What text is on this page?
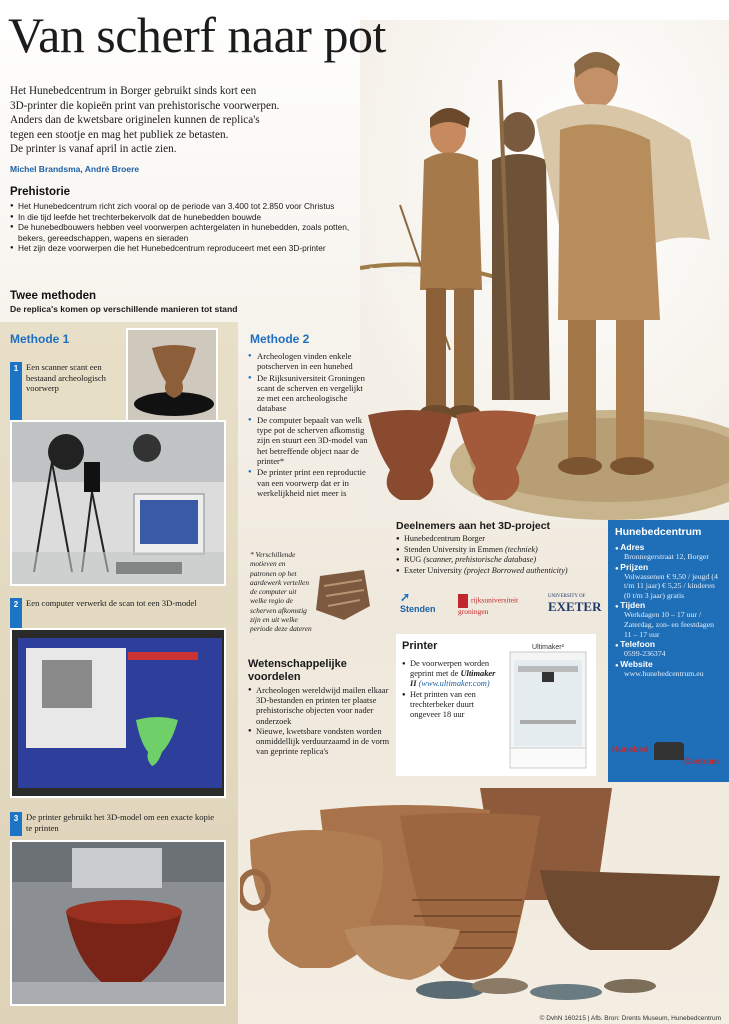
Van scherf naar pot
Het Hunebedcentrum in Borger gebruikt sinds kort een
3D-printer die kopieën print van prehistorische voorwerpen.
Anders dan de kwetsbare originelen kunnen de replica's
tegen een stootje en mag het publiek ze betasten.
De printer is vanaf april in actie zien.
Michel Brandsma, André Broere
Prehistorie
● Het Hunebedcentrum richt zich vooral op de periode van 3.400 tot 2.850 voor Christus
● In die tijd leefde het trechterbekervolk dat de hunebedden bouwde
● De hunebedbouwers hebben veel voorwerpen achtergelaten in hunebedden, zoals potten, bekers, gereedschappen, wapens en sieraden
● Het zijn deze voorwerpen die het Hunebedcentrum reproduceert met een 3D-printer
Twee methoden
De replica's komen op verschillende manieren tot stand
Methode 1
1 Een scanner scant een bestaand archeologisch voorwerp
2 Een computer verwerkt de scan tot een 3D-model
3 De printer gebruikt het 3D-model om een exacte kopie te printen
Methode 2
● Archeologen vinden enkele potscherven in een hunebed
● De Rijksuniversiteit Groningen scant de scherven en vergelijkt ze met een archeologische database
● De computer bepaalt van welk type pot de scherven afkomstig zijn en stuurt een 3D-model van het betreffende object naar de printer*
● De printer print een reproductie van een voorwerp dat er in werkelijkheid niet meer is
* Verschillende motieven en patronen op het aardewerk vertellen de computer uit welke regio de scherven afkomstig zijn en uit welke periode deze dateren
Wetenschappelijke voordelen
● Archeologen wereldwijd mailen elkaar 3D-bestanden en printen ter plaatse prehistorische objecten voor nader onderzoek
● Nieuwe, kwetsbare vondsten worden onmiddellijk verduurzaamd in de vorm van geprinte replica's
Deelnemers aan het 3D-project
● Hunebedcentrum Borger
● Stenden University in Emmen (techniek)
● RUG (scanner, prehistorische database)
● Exeter University (project Borrowed authenticity)
➚
Stenden
rijksuniversiteit groningen
UNIVERSITY OF
EXETER
Printer
● De voorwerpen worden geprint met de Ultimaker II (www.ultimaker.com)
● Het printen van een trechterbeker duurt ongeveer 18 uur
Ultimaker²
Hunebedcentrum
● Adres
Bronnegerstraat 12, Borger
● Prijzen
Volwassenen € 9,50 / jeugd (4 t/m 11 jaar) € 5,25 / kinderen (0 t/m 3 jaar) gratis
● Tijden
Werkdagen 10 – 17 uur / Zaterdag, zon- en feestdagen 11 – 17 uur
● Telefoon
0599-236374
● Website
www.hunebedcentrum.eu
Hunebed
Centrum
© DvhN 160215 | Afb. Bron: Drents Museum, Hunebedcentrum
